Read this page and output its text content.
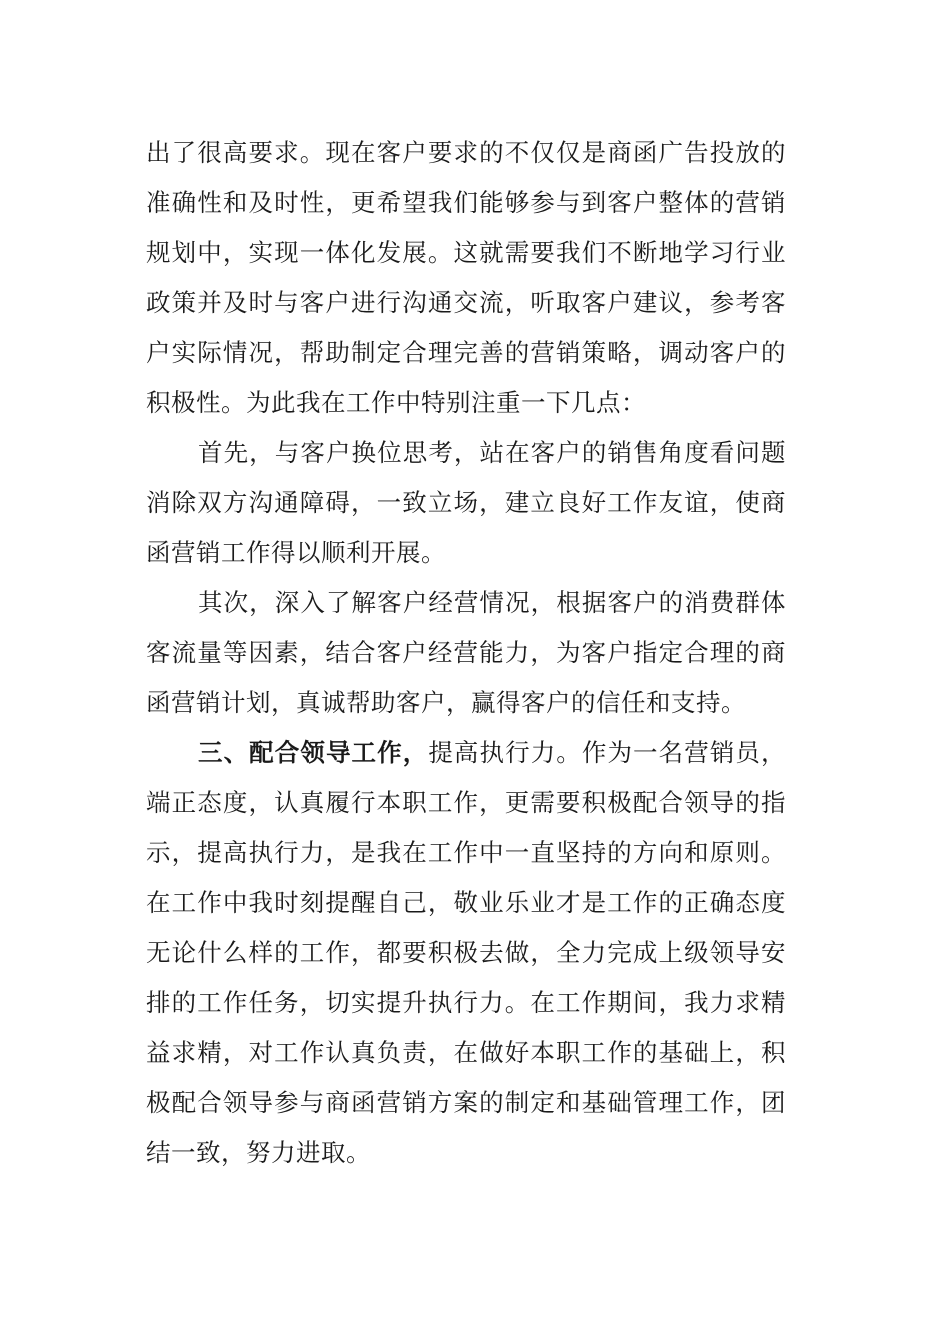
出了很高要求。现在客户要求的不仅仅是商函广告投放的
准确性和及时性，更希望我们能够参与到客户整体的营销
规划中，实现一体化发展。这就需要我们不断地学习行业
政策并及时与客户进行沟通交流，听取客户建议，参考客
户实际情况，帮助制定合理完善的营销策略，调动客户的
积极性。为此我在工作中特别注重一下几点：
首先，与客户换位思考，站在客户的销售角度看问题
消除双方沟通障碍，一致立场，建立良好工作友谊，使商
函营销工作得以顺利开展。
其次，深入了解客户经营情况，根据客户的消费群体
客流量等因素，结合客户经营能力，为客户指定合理的商
函营销计划，真诚帮助客户，赢得客户的信任和支持。
三、配合领导工作，提高执行力。作为一名营销员，
端正态度，认真履行本职工作，更需要积极配合领导的指
示，提高执行力，是我在工作中一直坚持的方向和原则。
在工作中我时刻提醒自己，敬业乐业才是工作的正确态度
无论什么样的工作，都要积极去做，全力完成上级领导安
排的工作任务，切实提升执行力。在工作期间，我力求精
益求精，对工作认真负责，在做好本职工作的基础上，积
极配合领导参与商函营销方案的制定和基础管理工作，团
结一致，努力进取。
